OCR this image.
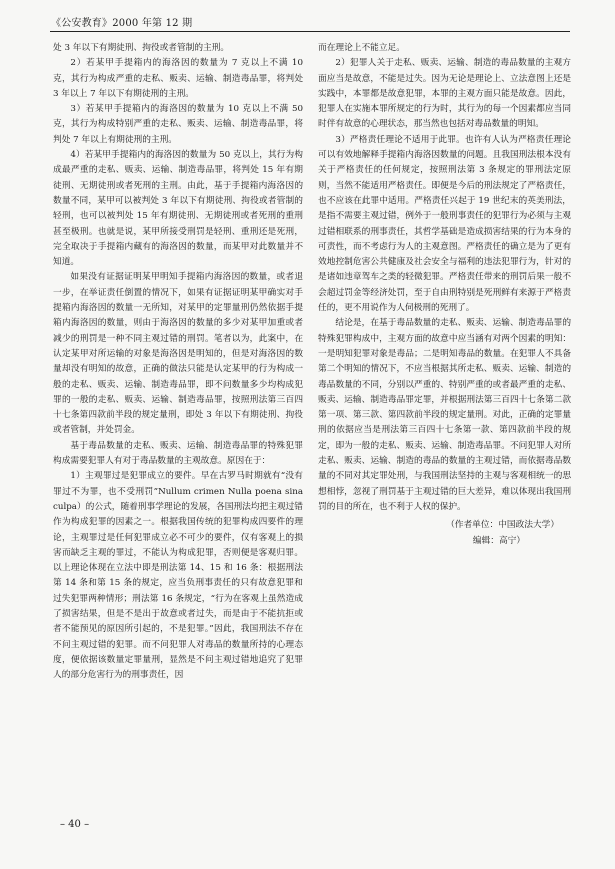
《公安教育》2000 年第 12 期

处 3 年以下有期徒刑、拘役或者管制的主刑。

2）若某甲手提箱内的海洛因的数量为 7 克以上不满 10 克，其行为构成严重的走私、贩卖、运输、制造毒品罪，将判处 3 年以上 7 年以下有期徒刑的主刑。

3）若某甲手提箱内的海洛因的数量为 10 克以上不满 50 克，其行为构成特别严重的走私、贩卖、运输、制造毒品罪，将判处 7 年以上有期徒刑的主刑。

4）若某甲手提箱内的海洛因的数量为 50 克以上，其行为构成最严重的走私、贩卖、运输、制造毒品罪，将判处 15 年有期徒刑、无期徒刑或者死刑的主刑。由此，基于手提箱内海洛因的数量不同，某甲可以被判处 3 年以下有期徒刑、拘役或者管制的轻刑，也可以被判处 15 年有期徒刑、无期徒刑或者死刑的重刑甚至极刑。也就是说，某甲所接受刑罚是轻刑、重刑还是死刑，完全取决于手提箱内藏有的海洛因的数量，而某甲对此数量并不知道。

如果没有证据证明某甲明知手提箱内海洛因的数量，或者退一步，在举证责任倒置的情况下，如果有证据证明某甲确实对手提箱内海洛因的数量一无所知，对某甲的定罪量刑仍然依据手提箱内海洛因的数量，则由于海洛因的数量的多少对某甲加重或者减少的刑罚是一种不同主观过错的刑罚。笔者以为，此案中，在认定某甲对所运输的对象是海洛因是明知的，但是对海洛因的数量却没有明知的故意，正确的做法只能是认定某甲的行为构成一般的走私、贩卖、运输、制造毒品罪，即不问数量多少均构成犯罪的一般的走私、贩卖、运输、制造毒品罪，按照刑法第三百四十七条第四款前半段的规定量刑，即处 3 年以下有期徒刑、拘役或者管制，并处罚金。

基于毒品数量的走私、贩卖、运输、制造毒品罪的特殊犯罪构成需要犯罪人有对于毒品数量的主观故意。原因在于：

1）主观罪过是犯罪成立的要件。早在古罗马时期就有“没有罪过不为罪，也不受刑罚”Nullum crimen Nulla poena sina culpa）的公式，随着刑事学理论的发展，各国刑法均把主观过错作为构成犯罪的因素之一。根据我国传统的犯罪构成四要件的理论，主观罪过是任何犯罪成立必不可少的要件，仅有客观上的损害而缺乏主观的罪过，不能认为构成犯罪，否则便是客观归罪。以上理论体现在立法中即是刑法第 14、15 和 16 条：根据刑法第 14 条和第 15 条的规定，应当负刑事责任的只有故意犯罪和过失犯罪两种情形；刑法第 16 条规定，“行为在客观上虽然造成了损害结果，但是不是出于故意或者过失，而是由于不能抗拒或者不能预见的原因所引起的，不是犯罪。”因此，我国刑法不存在不问主观过错的犯罪。而不问犯罪人对毒品的数量所持的心理态度，便依据该数量定罪量刑，显然是不问主观过错地追究了犯罪人的部分危害行为的刑事责任，因

而在理论上不能立足。

2）犯罪人关于走私、贩卖、运输、制造的毒品数量的主观方面应当是故意，不能是过失。因为无论是理论上、立法意图上还是实践中，本罪都是故意犯罪，本罪的主观方面只能是故意。因此，犯罪人在实施本罪所规定的行为时，其行为的每一个因素都应当同时伴有故意的心理状态，那当然也包括对毒品数量的明知。

3）严格责任理论不适用于此罪。也许有人认为严格责任理论可以有效地解释手提箱内海洛因数量的问题。且我国刑法根本没有关于严格责任的任何规定，按照刑法第 3 条规定的罪刑法定原则，当然不能适用严格责任。即便是今后的刑法规定了严格责任，也不应该在此罪中适用。严格责任兴起于 19 世纪末的英美刑法，是指不需要主观过错，例外于一般刑事责任的犯罪行为必须与主观过错相联系的刑事责任，其哲学基础是造成损害结果的行为本身的可责性，而不考虑行为人的主观意图。严格责任的确立是为了更有效地控制危害公共健康及社会安全与福利的违法犯罪行为，针对的是诸如违章驾车之类的轻微犯罪。严格责任带来的刑罚后果一般不会超过罚金等经济处罚，至于自由刑特别是死刑鲜有来源于严格责任的，更不用说作为人伺极刑的死刑了。

结论是，在基于毒品数量的走私、贩卖、运输、制造毒品罪的特殊犯罪构成中，主观方面的故意中应当涵有对两个因素的明知：一是明知犯罪对象是毒品；二是明知毒品的数量。在犯罪人不具备第二个明知的情况下，不应当根据其所走私、贩卖、运输、制造的毒品数量的不同，分别以严重的、特别严重的或者最严重的走私、贩卖、运输、制造毒品罪定罪，并根据刑法第三百四十七条第二款第一项、第三款、第四款前半段的规定量刑。对此，正确的定罪量刑的依据应当是刑法第三百四十七条第一款、第四款前半段的规定，即为一般的走私、贩卖、运输、制造毒品罪。不问犯罪人对所走私、贩卖、运输、制造的毒品的数量的主观过错，而依据毒品数量的不同对其定罪处刑，与我国刑法坚持的主观与客观相统一的思想相悖，忽视了刑罚基于主观过错的巨大差异，难以体现出我国刑罚的目的所在，也不利于人权的保护。

（作者单位：中国政法大学）

编辑：高宁）

– 40 –
